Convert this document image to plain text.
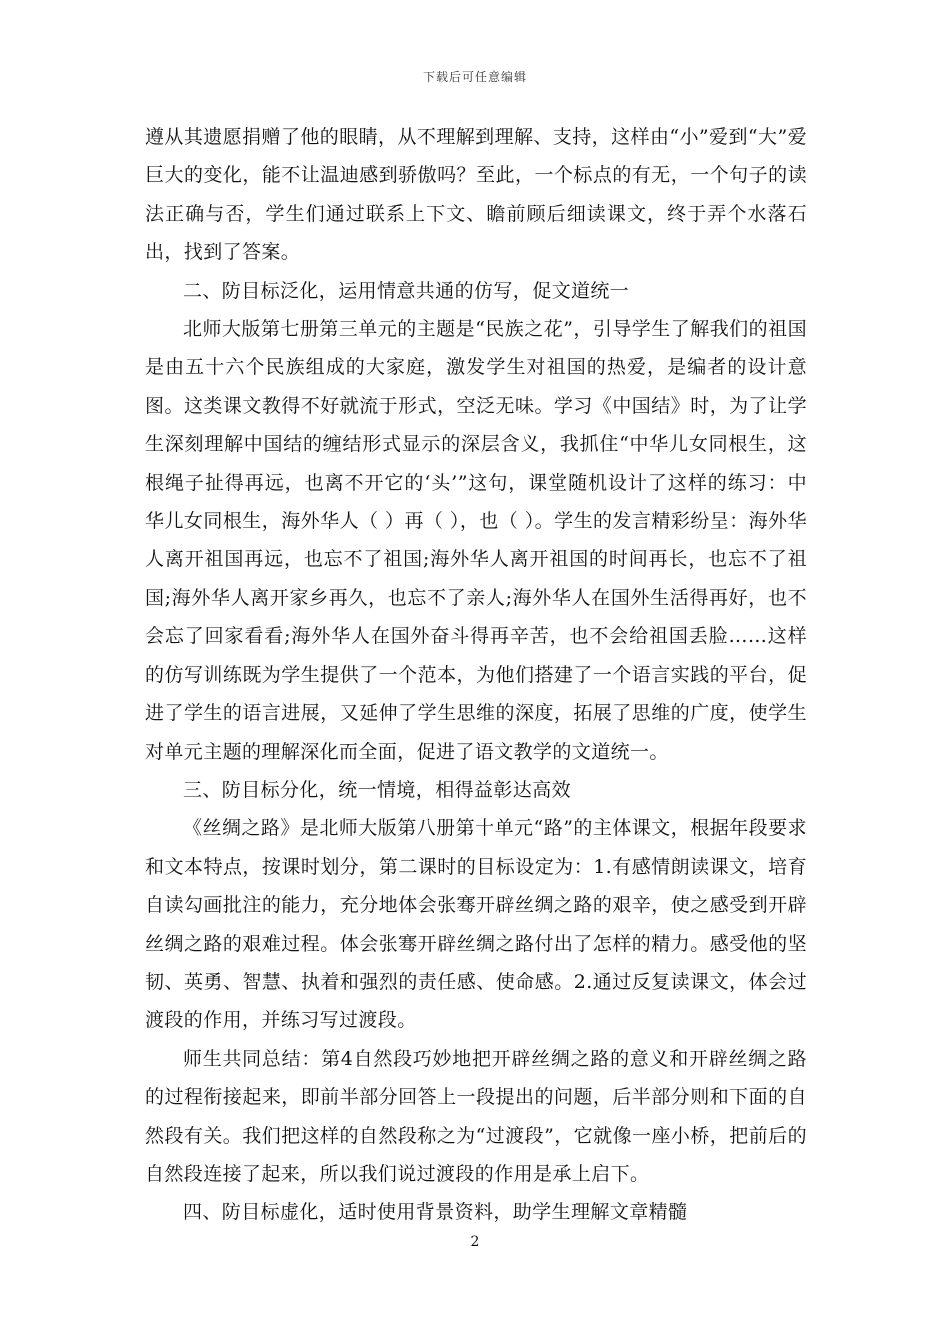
下载后可任意编辑

遵从其遗愿捐赠了他的眼睛，从不理解到理解、支持，这样由“小”爱到“大”爱巨大的变化，能不让温迪感到骄傲吗？至此，一个标点的有无，一个句子的读法正确与否，学生们通过联系上下文、瞻前顾后细读课文，终于弄个水落石出，找到了答案。

二、防目标泛化，运用情意共通的仿写，促文道统一

北师大版第七册第三单元的主题是“民族之花”，引导学生了解我们的祖国是由五十六个民族组成的大家庭，激发学生对祖国的热爱，是编者的设计意图。这类课文教得不好就流于形式，空泛无味。学习《中国结》时，为了让学生深刻理解中国结的缠结形式显示的深层含义，我抓住“中华儿女同根生，这根绳子扯得再远，也离不开它的‘头’”这句，课堂随机设计了这样的练习：中华儿女同根生，海外华人（ ）再（ ），也（ ）。学生的发言精彩纷呈：海外华人离开祖国再远，也忘不了祖国;海外华人离开祖国的时间再长，也忘不了祖国;海外华人离开家乡再久，也忘不了亲人;海外华人在国外生活得再好，也不会忘了回家看看;海外华人在国外奋斗得再辛苦，也不会给祖国丢脸……这样的仿写训练既为学生提供了一个范本，为他们搭建了一个语言实践的平台，促进了学生的语言进展，又延伸了学生思维的深度，拓展了思维的广度，使学生对单元主题的理解深化而全面，促进了语文教学的文道统一。

三、防目标分化，统一情境，相得益彰达高效

《丝绸之路》是北师大版第八册第十单元“路”的主体课文，根据年段要求和文本特点，按课时划分，第二课时的目标设定为：1.有感情朗读课文，培育自读勾画批注的能力，充分地体会张骞开辟丝绸之路的艰辛，使之感受到开辟丝绸之路的艰难过程。体会张骞开辟丝绸之路付出了怎样的精力。感受他的坚韧、英勇、智慧、执着和强烈的责任感、使命感。2.通过反复读课文，体会过渡段的作用，并练习写过渡段。

师生共同总结：第4自然段巧妙地把开辟丝绸之路的意义和开辟丝绸之路的过程衔接起来，即前半部分回答上一段提出的问题，后半部分则和下面的自然段有关。我们把这样的自然段称之为“过渡段”，它就像一座小桥，把前后的自然段连接了起来，所以我们说过渡段的作用是承上启下。

四、防目标虚化，适时使用背景资料，助学生理解文章精髓

2
